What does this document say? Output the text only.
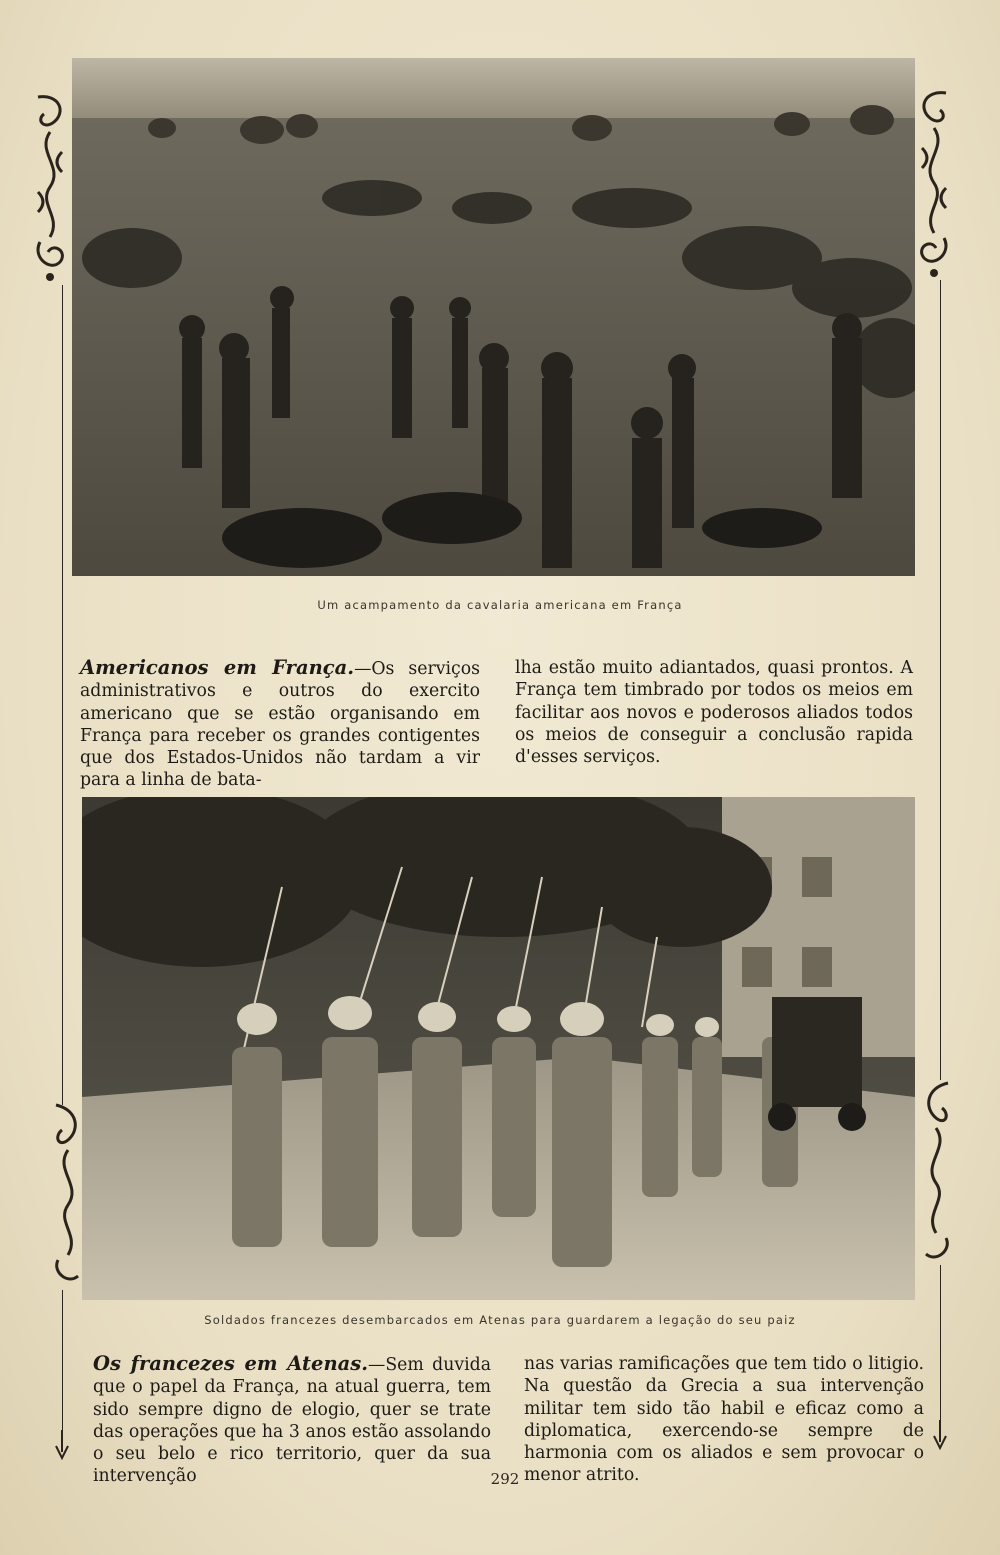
Um acampamento da cavalaria americana em França
Americanos em França.—Os serviços administrativos e outros do exercito americano que se estão organisando em França para receber os grandes contigentes que dos Estados-Unidos não tardam a vir para a linha de bata-
lha estão muito adiantados, quasi prontos. A França tem timbrado por todos os meios em facilitar aos novos e poderosos aliados todos os meios de conseguir a conclusão rapida d'esses serviços.
Soldados francezes desembarcados em Atenas para guardarem a legação do seu paiz
Os francezes em Atenas.—Sem duvida que o papel da França, na atual guerra, tem sido sempre digno de elogio, quer se trate das operações que ha 3 anos estão assolando o seu belo e rico territorio, quer da sua intervenção
nas varias ramificações que tem tido o litigio. Na questão da Grecia a sua intervenção militar tem sido tão habil e eficaz como a diplomatica, exercendo-se sempre de harmonia com os aliados e sem provocar o menor atrito.
292
